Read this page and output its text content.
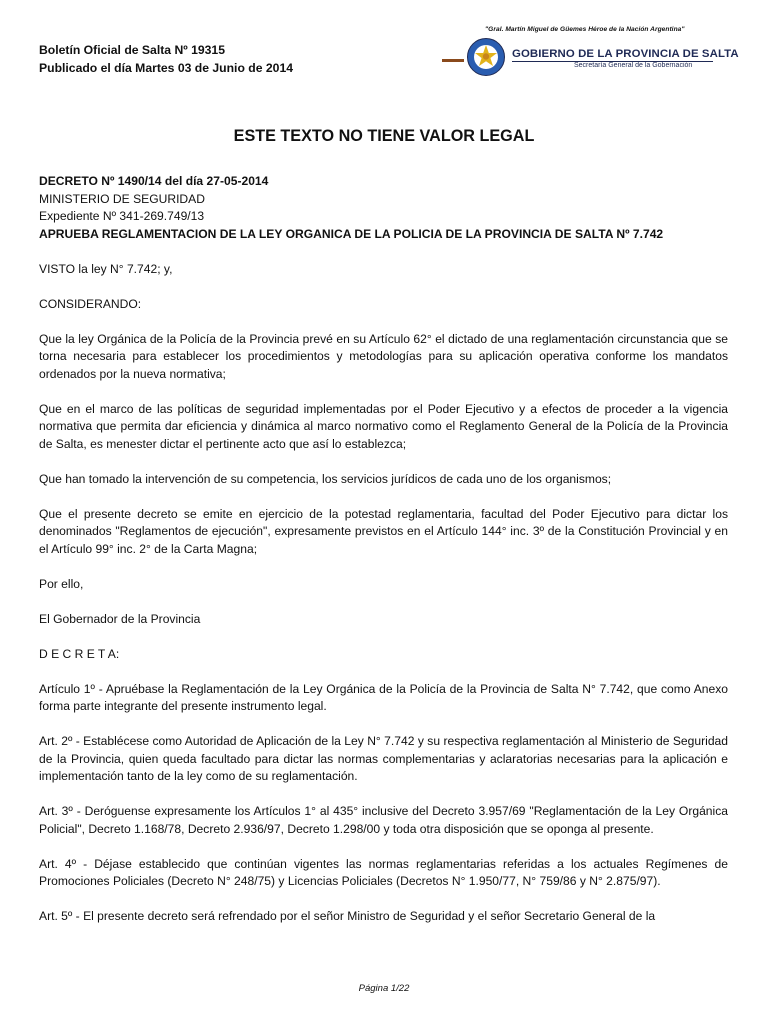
Boletín Oficial de Salta Nº 19315
Publicado el día Martes 03 de Junio de 2014
"Gral. Martín Miguel de Güemes Héroe de la Nación Argentina"
GOBIERNO DE LA PROVINCIA DE SALTA
Secretaría General de la Gobernación
ESTE TEXTO NO TIENE VALOR LEGAL

DECRETO Nº 1490/14 del día 27-05-2014

MINISTERIO DE SEGURIDAD

Expediente Nº 341-269.749/13

APRUEBA REGLAMENTACION DE LA LEY ORGANICA DE LA POLICIA DE LA PROVINCIA DE SALTA Nº 7.742

VISTO la ley N° 7.742; y,

CONSIDERANDO:

Que la ley Orgánica de la Policía de la Provincia prevé en su Artículo 62° el dictado de una reglamentación circunstancia que se torna necesaria para establecer los procedimientos y metodologías para su aplicación operativa conforme los mandatos ordenados por la nueva normativa;

Que en el marco de las políticas de seguridad implementadas por el Poder Ejecutivo y a efectos de proceder a la vigencia normativa que permita dar eficiencia y dinámica al marco normativo como el Reglamento General de la Policía de la Provincia de Salta, es menester dictar el pertinente acto que así lo establezca;

Que han tomado la intervención de su competencia, los servicios jurídicos de cada uno de los organismos;

Que el presente decreto se emite en ejercicio de la potestad reglamentaria, facultad del Poder Ejecutivo para dictar los denominados "Reglamentos de ejecución", expresamente previstos en el Artículo 144° inc. 3º de la Constitución Provincial y en el Artículo 99° inc. 2° de la Carta Magna;

Por ello,

El Gobernador de la Provincia

D E C R E T A:

Artículo 1º - Apruébase la Reglamentación de la Ley Orgánica de la Policía de la Provincia de Salta N° 7.742, que como Anexo forma parte integrante del presente instrumento legal.

Art. 2º - Establécese como Autoridad de Aplicación de la Ley N° 7.742 y su respectiva reglamentación al Ministerio de Seguridad de la Provincia, quien queda facultado para dictar las normas complementarias y aclaratorias necesarias para la aplicación e implementación tanto de la ley como de su reglamentación.

Art. 3º - Deróguense expresamente los Artículos 1° al 435° inclusive del Decreto 3.957/69 "Reglamentación de la Ley Orgánica Policial", Decreto 1.168/78, Decreto 2.936/97, Decreto 1.298/00 y toda otra disposición que se oponga al presente.

Art. 4º - Déjase establecido que continúan vigentes las normas reglamentarias referidas a los actuales Regímenes de Promociones Policiales (Decreto N° 248/75) y Licencias Policiales (Decretos N° 1.950/77, N° 759/86 y N° 2.875/97).

Art. 5º - El presente decreto será refrendado por el señor Ministro de Seguridad y el señor Secretario General de la

Página 1/22
